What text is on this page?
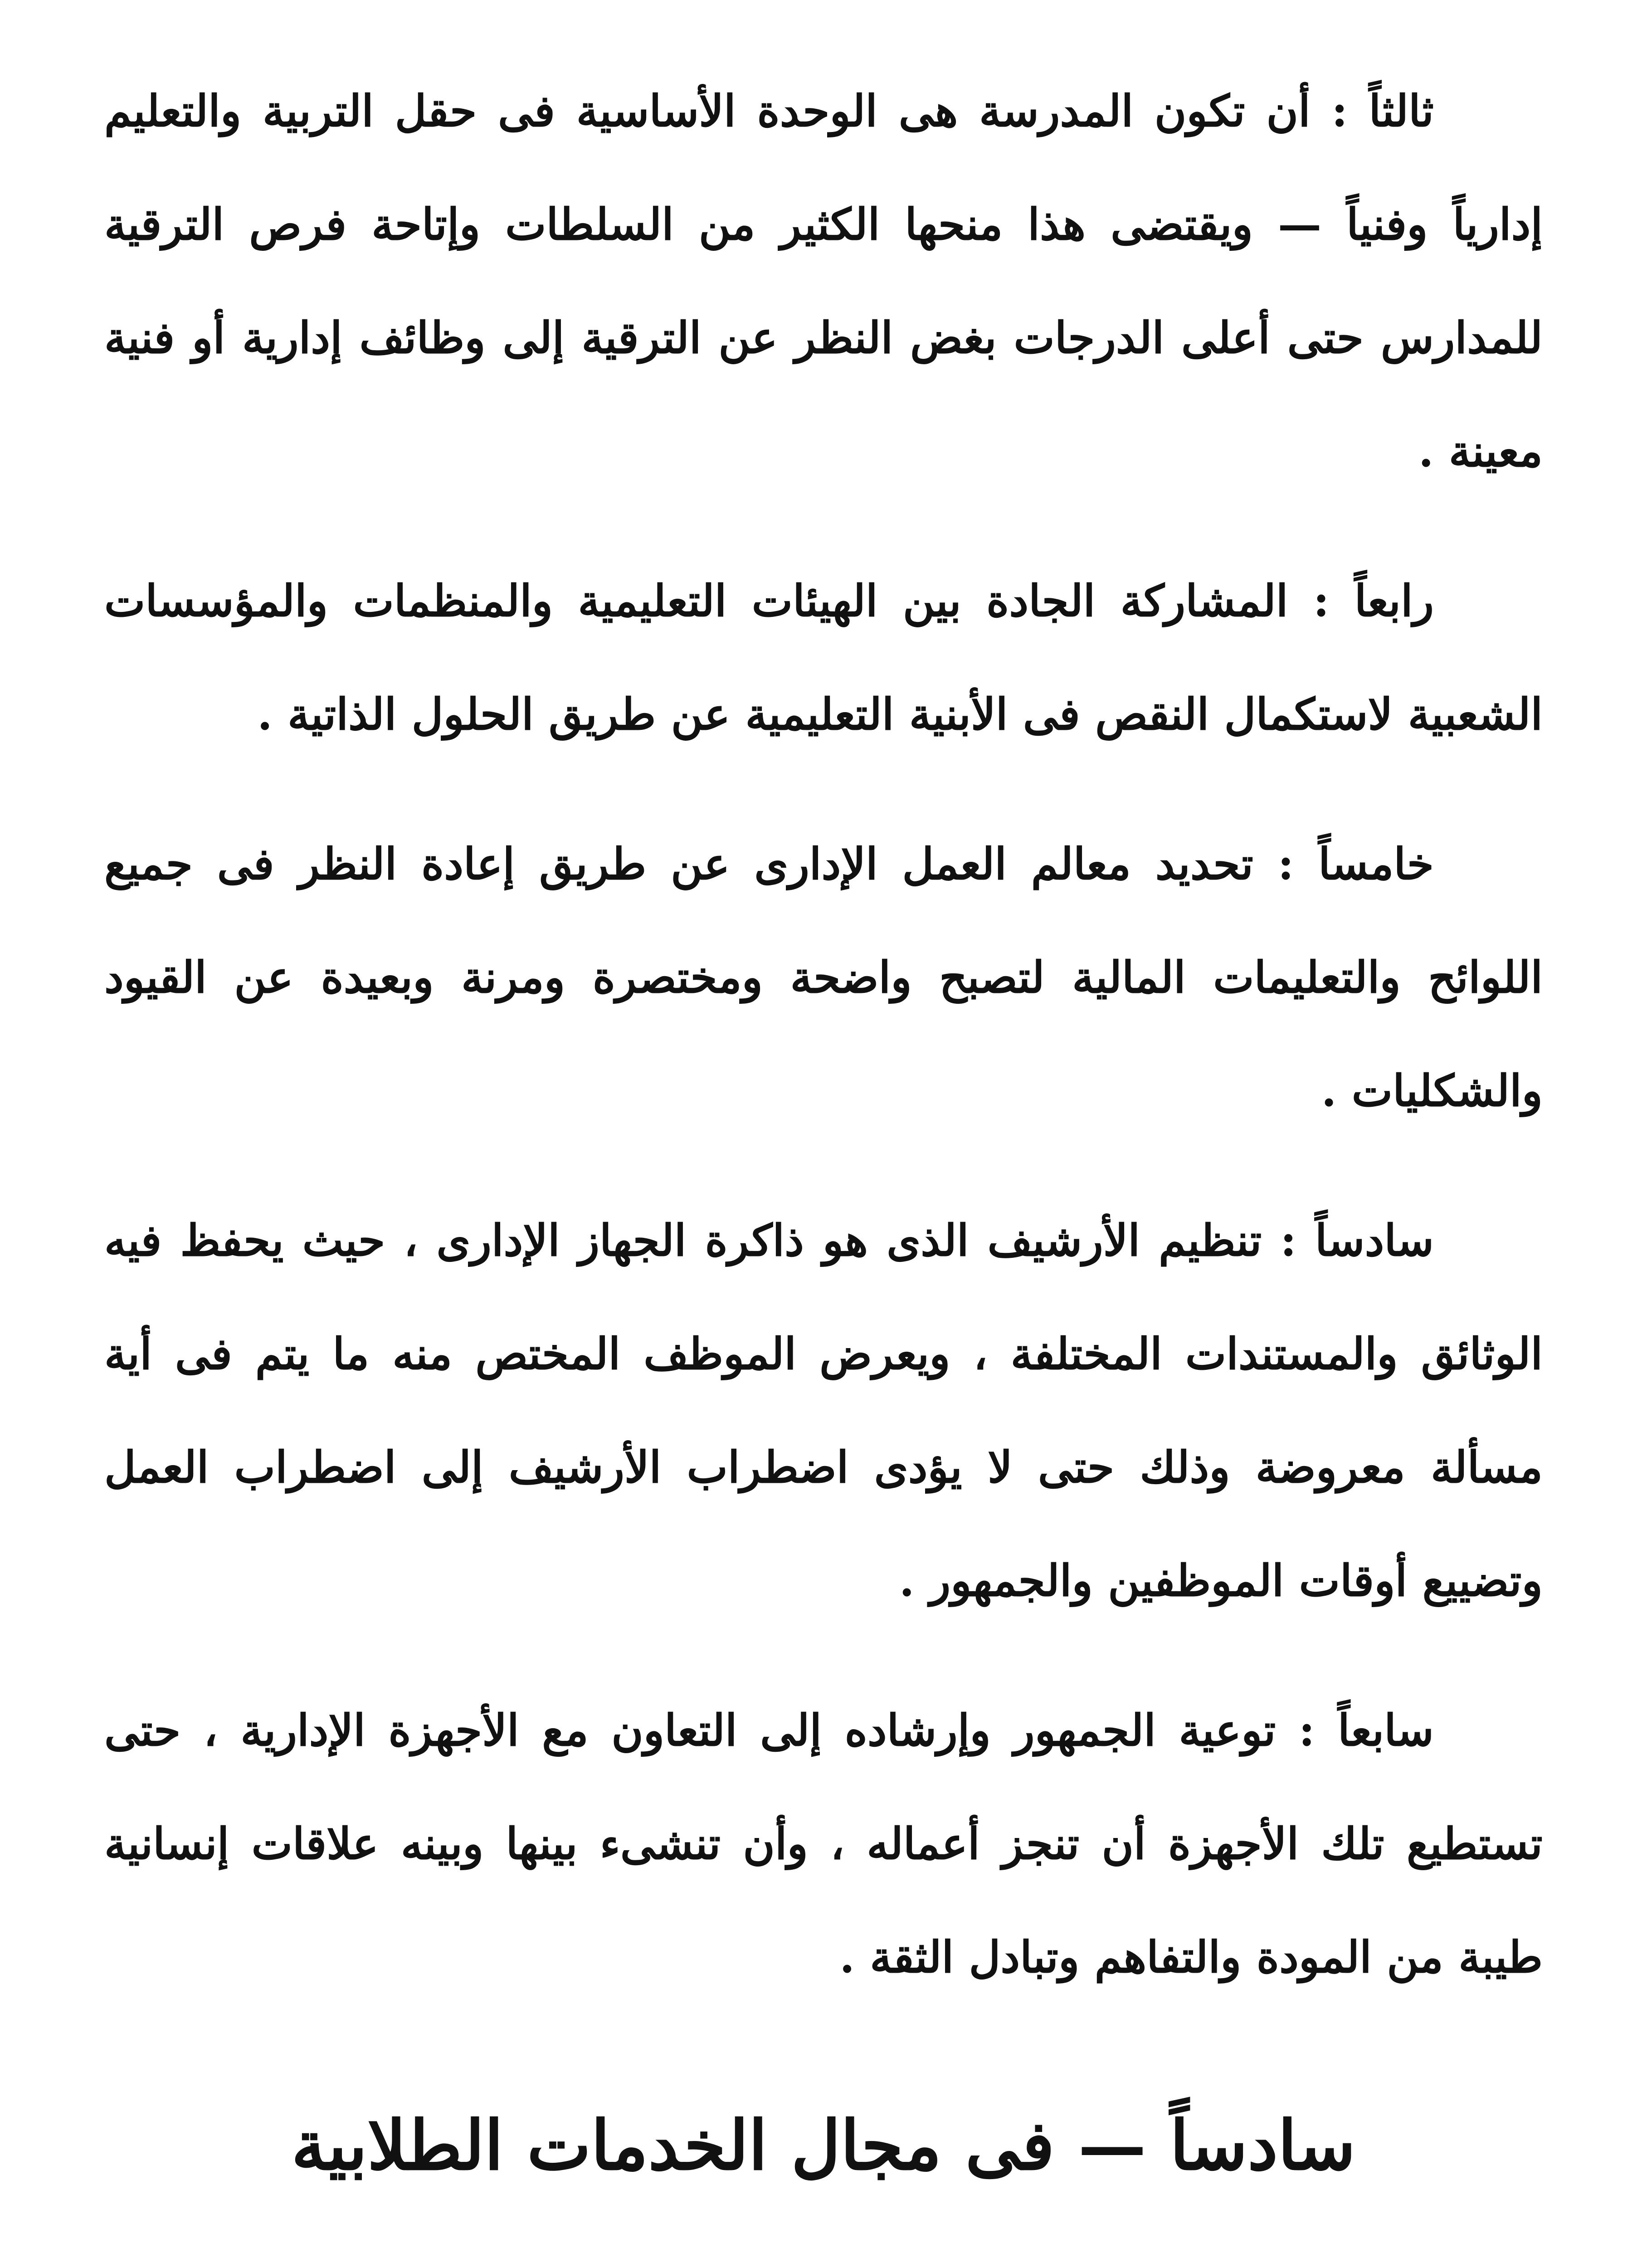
ثالثاً : أن تكون المدرسة هى الوحدة الأساسية فى حقل التربية والتعليم إدارياً وفنياً — ويقتضى هذا منحها الكثير من السلطات وإتاحة فرص الترقية للمدارس حتى أعلى الدرجات بغض النظر عن الترقية إلى وظائف إدارية أو فنية معينة .

رابعاً : المشاركة الجادة بين الهيئات التعليمية والمنظمات والمؤسسات الشعبية لاستكمال النقص فى الأبنية التعليمية عن طريق الحلول الذاتية .

خامساً : تحديد معالم العمل الإدارى عن طريق إعادة النظر فى جميع اللوائح والتعليمات المالية لتصبح واضحة ومختصرة ومرنة وبعيدة عن القيود والشكليات .

سادساً : تنظيم الأرشيف الذى هو ذاكرة الجهاز الإدارى ، حيث يحفظ فيه الوثائق والمستندات المختلفة ، ويعرض الموظف المختص منه ما يتم فى أية مسألة معروضة وذلك حتى لا يؤدى اضطراب الأرشيف إلى اضطراب العمل وتضييع أوقات الموظفين والجمهور .

سابعاً : توعية الجمهور وإرشاده إلى التعاون مع الأجهزة الإدارية ، حتى تستطيع تلك الأجهزة أن تنجز أعماله ، وأن تنشىء بينها وبينه علاقات إنسانية طيبة من المودة والتفاهم وتبادل الثقة .

سادساً — فى مجال الخدمات الطلابية
